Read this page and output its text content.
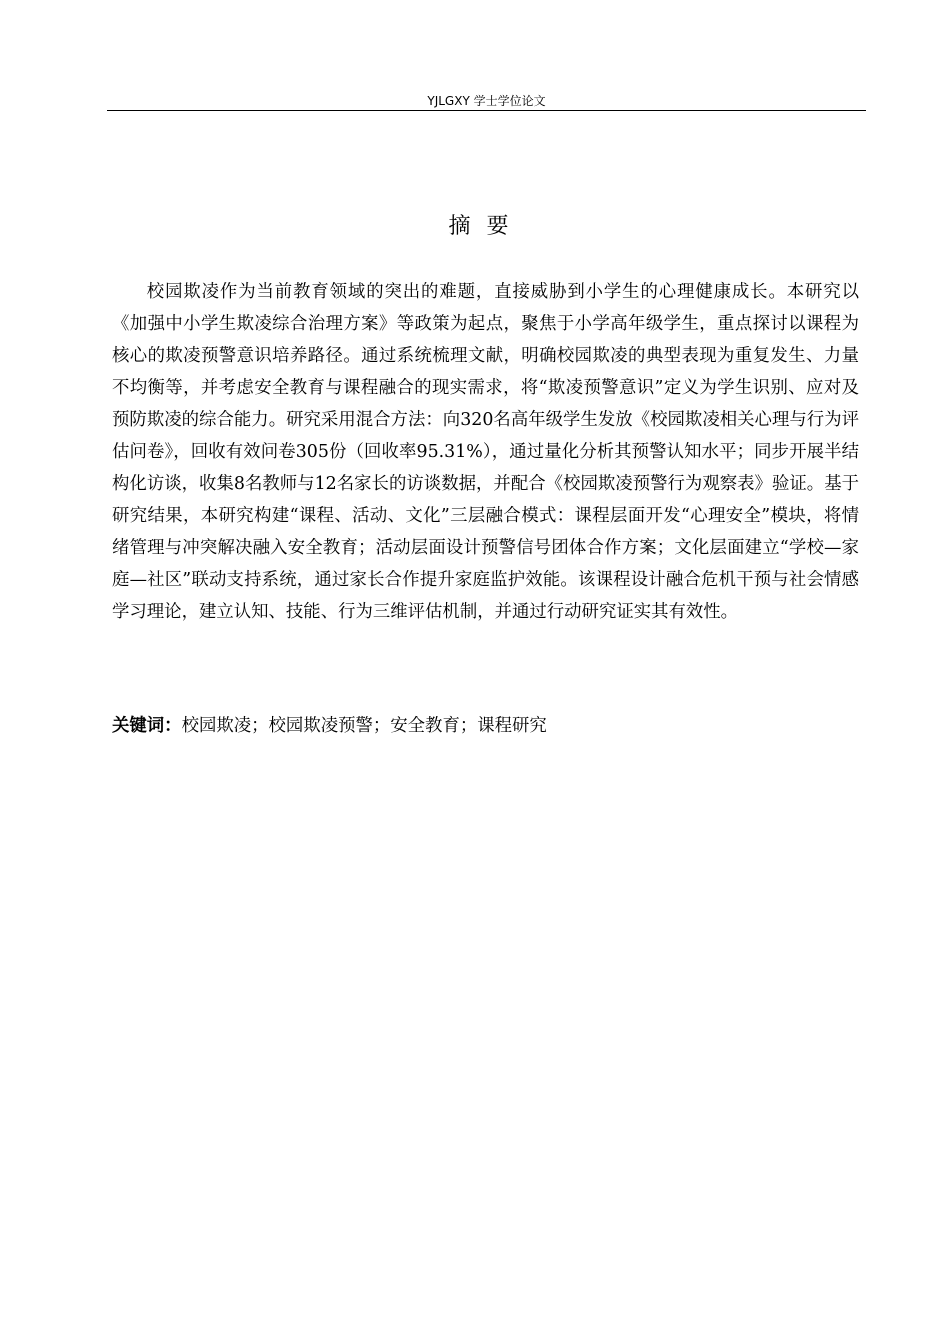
YJLGXY 学士学位论文
摘要

校园欺凌作为当前教育领域的突出的难题，直接威胁到小学生的心理健康成长。本研究以《加强中小学生欺凌综合治理方案》等政策为起点，聚焦于小学高年级学生，重点探讨以课程为核心的欺凌预警意识培养路径。通过系统梳理文献，明确校园欺凌的典型表现为重复发生、力量不均衡等，并考虑安全教育与课程融合的现实需求，将“欺凌预警意识”定义为学生识别、应对及预防欺凌的综合能力。研究采用混合方法：向320名高年级学生发放《校园欺凌相关心理与行为评估问卷》，回收有效问卷305份（回收率95.31%），通过量化分析其预警认知水平；同步开展半结构化访谈，收集8名教师与12名家长的访谈数据，并配合《校园欺凌预警行为观察表》验证。基于研究结果，本研究构建“课程、活动、文化”三层融合模式：课程层面开发“心理安全”模块，将情绪管理与冲突解决融入安全教育；活动层面设计预警信号团体合作方案；文化层面建立“学校—家庭—社区”联动支持系统，通过家长合作提升家庭监护效能。该课程设计融合危机干预与社会情感学习理论，建立认知、技能、行为三维评估机制，并通过行动研究证实其有效性。

关键词：校园欺凌；校园欺凌预警；安全教育；课程研究
